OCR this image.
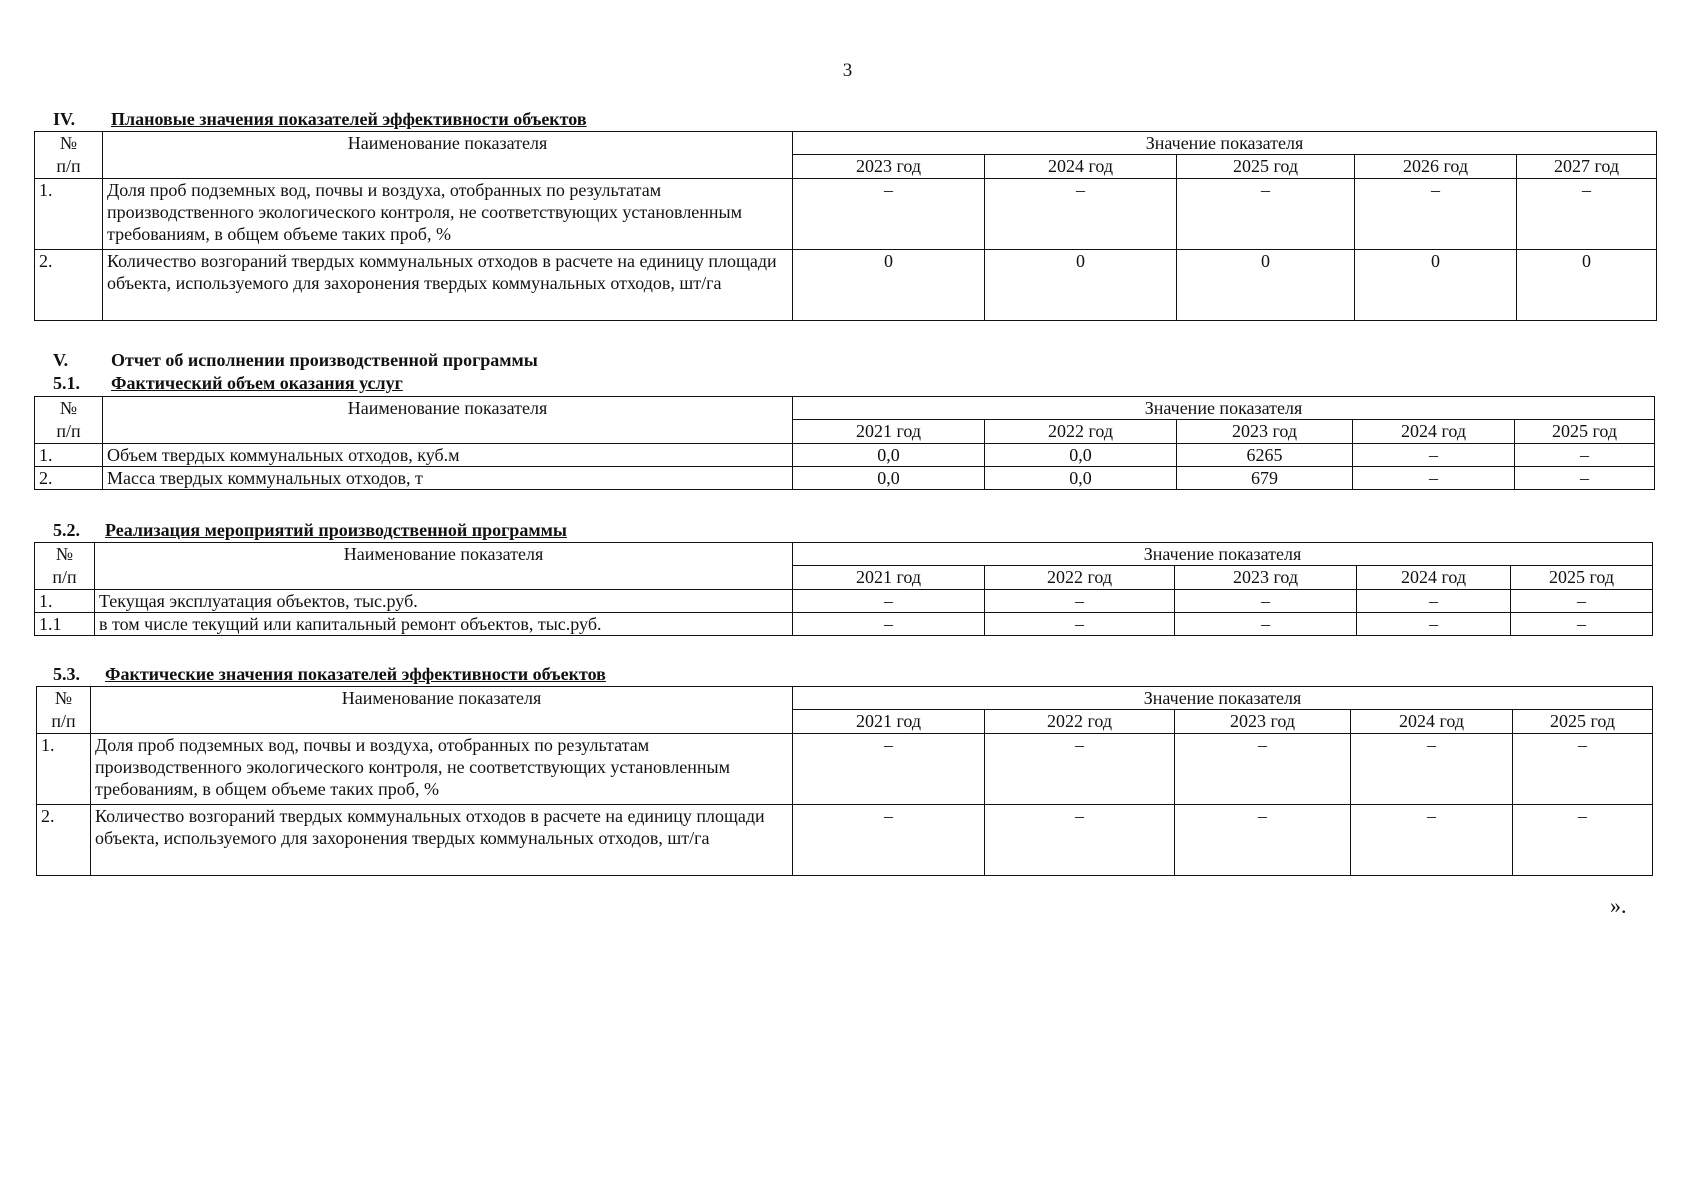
3
IV. Плановые значения показателей эффективности объектов
№	Наименование показателя	Значение показателя				
п/п		2023 год	2024 год	2025 год	2026 год	2027 год
1.	Доля проб подземных вод, почвы и воздуха, отобранных по результатам производственного экологического контроля, не соответствующих установленным требованиям, в общем объеме таких проб, %	–	–	–	–	–
2.	Количество возгораний твердых коммунальных отходов в расчете на единицу площади объекта, используемого для захоронения твердых коммунальных отходов, шт/га	0	0	0	0	0
V. Отчет об исполнении производственной программы
5.1. Фактический объем оказания услуг
№	Наименование показателя	Значение показателя				
п/п		2021 год	2022 год	2023 год	2024 год	2025 год
1.	Объем твердых коммунальных отходов, куб.м	0,0	0,0	6265	–	–
2.	Масса твердых коммунальных отходов, т	0,0	0,0	679	–	–
5.2. Реализация мероприятий производственной программы
№	Наименование показателя	Значение показателя				
п/п		2021 год	2022 год	2023 год	2024 год	2025 год
1.	Текущая эксплуатация объектов, тыс.руб.	–	–	–	–	–
1.1	в том числе текущий или капитальный ремонт объектов, тыс.руб.	–	–	–	–	–
5.3. Фактические значения показателей эффективности объектов
№	Наименование показателя	Значение показателя				
п/п		2021 год	2022 год	2023 год	2024 год	2025 год
1.	Доля проб подземных вод, почвы и воздуха, отобранных по результатам производственного экологического контроля, не соответствующих установленным требованиям, в общем объеме таких проб, %	–	–	–	–	–
2.	Количество возгораний твердых коммунальных отходов в расчете на единицу площади объекта, используемого для захоронения твердых коммунальных отходов, шт/га	–	–	–	–	–
».
